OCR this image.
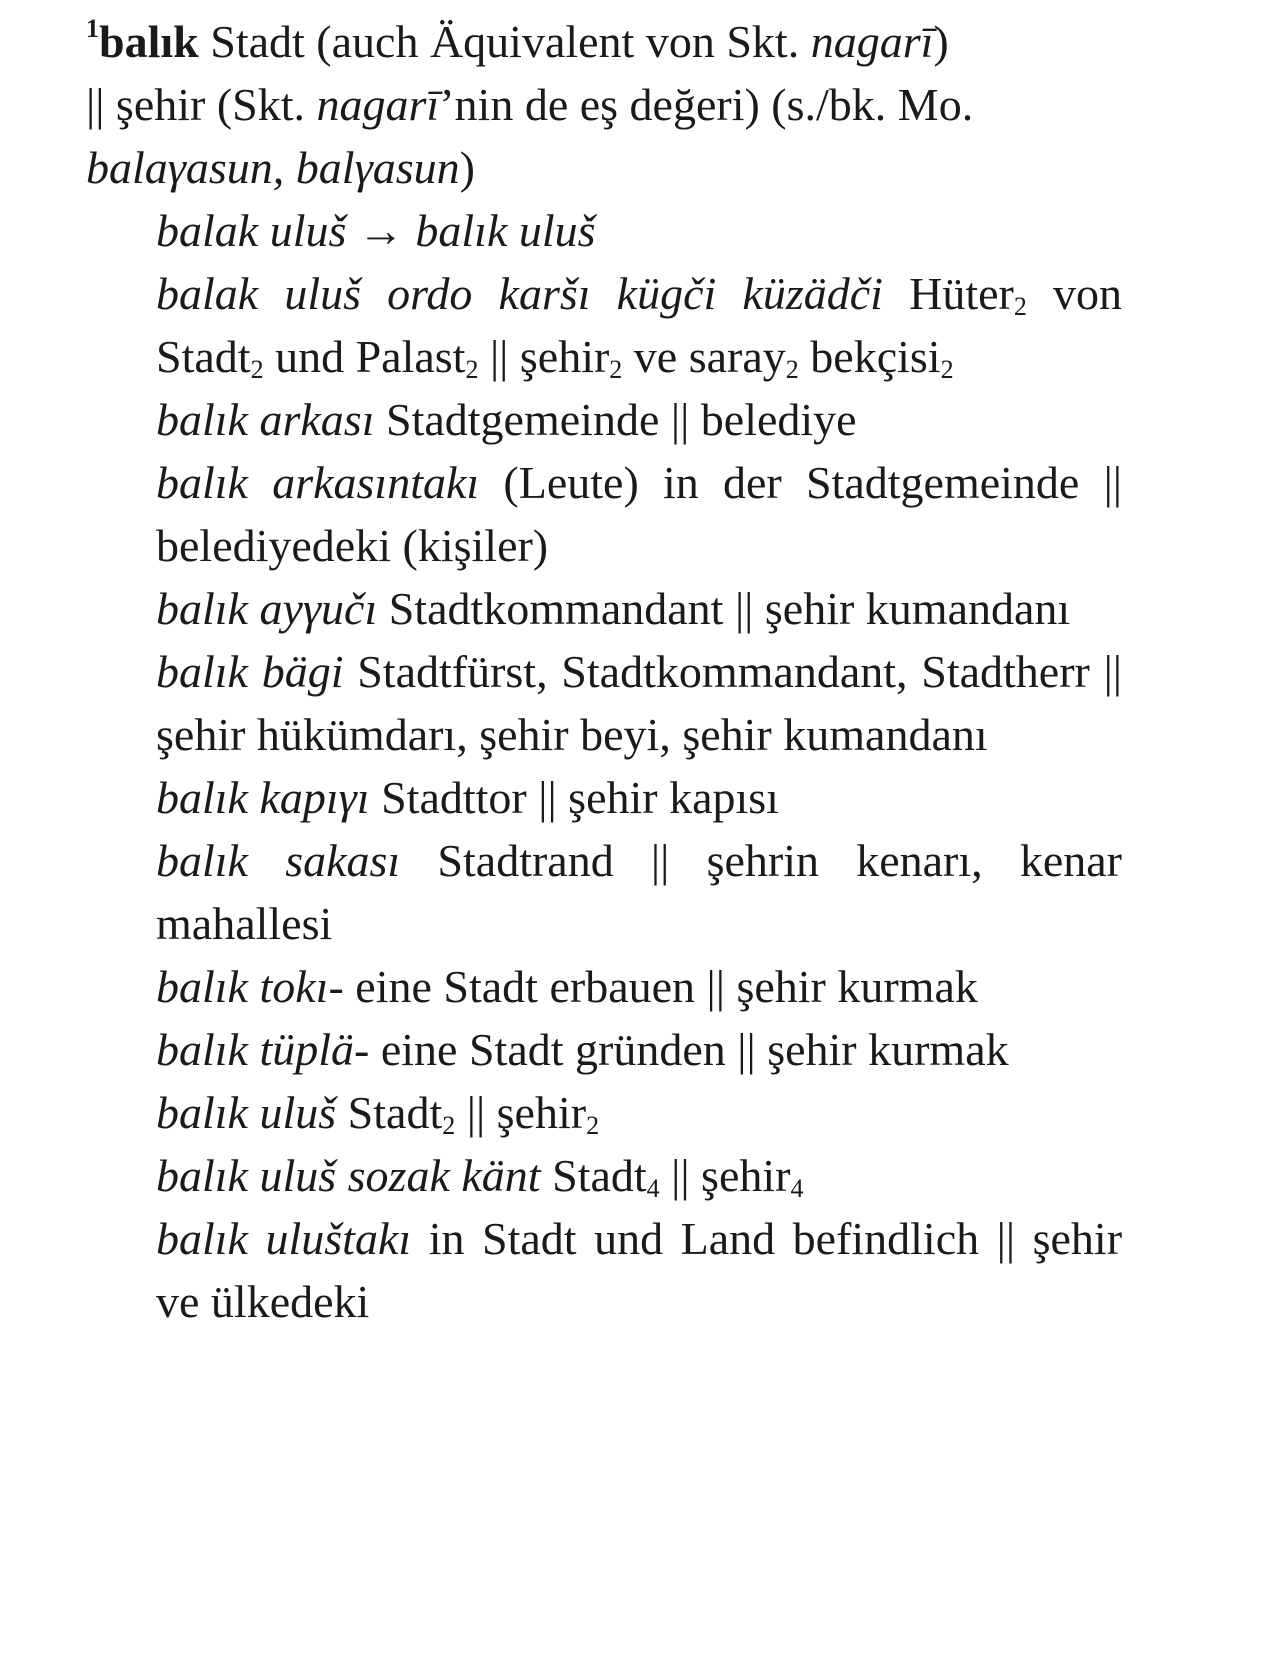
$^1$balık Stadt (auch Äquivalent von Skt. nagarī)
|| şehir (Skt. nagarī’nin de eş değeri) (s./bk. Mo.
balaγasun, balγasun)
balak uluš → balık uluš
balak uluš ordo karšı kügči küzädči Hüter2 von Stadt2 und Palast2 || şehir2 ve saray2 bekçisi2
balık arkası Stadtgemeinde || belediye
balık arkasıntakı (Leute) in der Stadtgemeinde || belediyedeki (kişiler)
balık ayγučı Stadtkommandant || şehir kumandanı
balık bägi Stadtfürst, Stadtkommandant, Stadtherr || şehir hükümdarı, şehir beyi, şehir kumandanı
balık kapıγı Stadttor || şehir kapısı
balık sakası Stadtrand || şehrin kenarı, kenar mahallesi
balık tokı- eine Stadt erbauen || şehir kurmak
balık tüplä- eine Stadt gründen || şehir kurmak
balık uluš Stadt2 || şehir2
balık uluš sozak känt Stadt4 || şehir4
balık uluštakı in Stadt und Land befindlich || şehir ve ülkedeki
